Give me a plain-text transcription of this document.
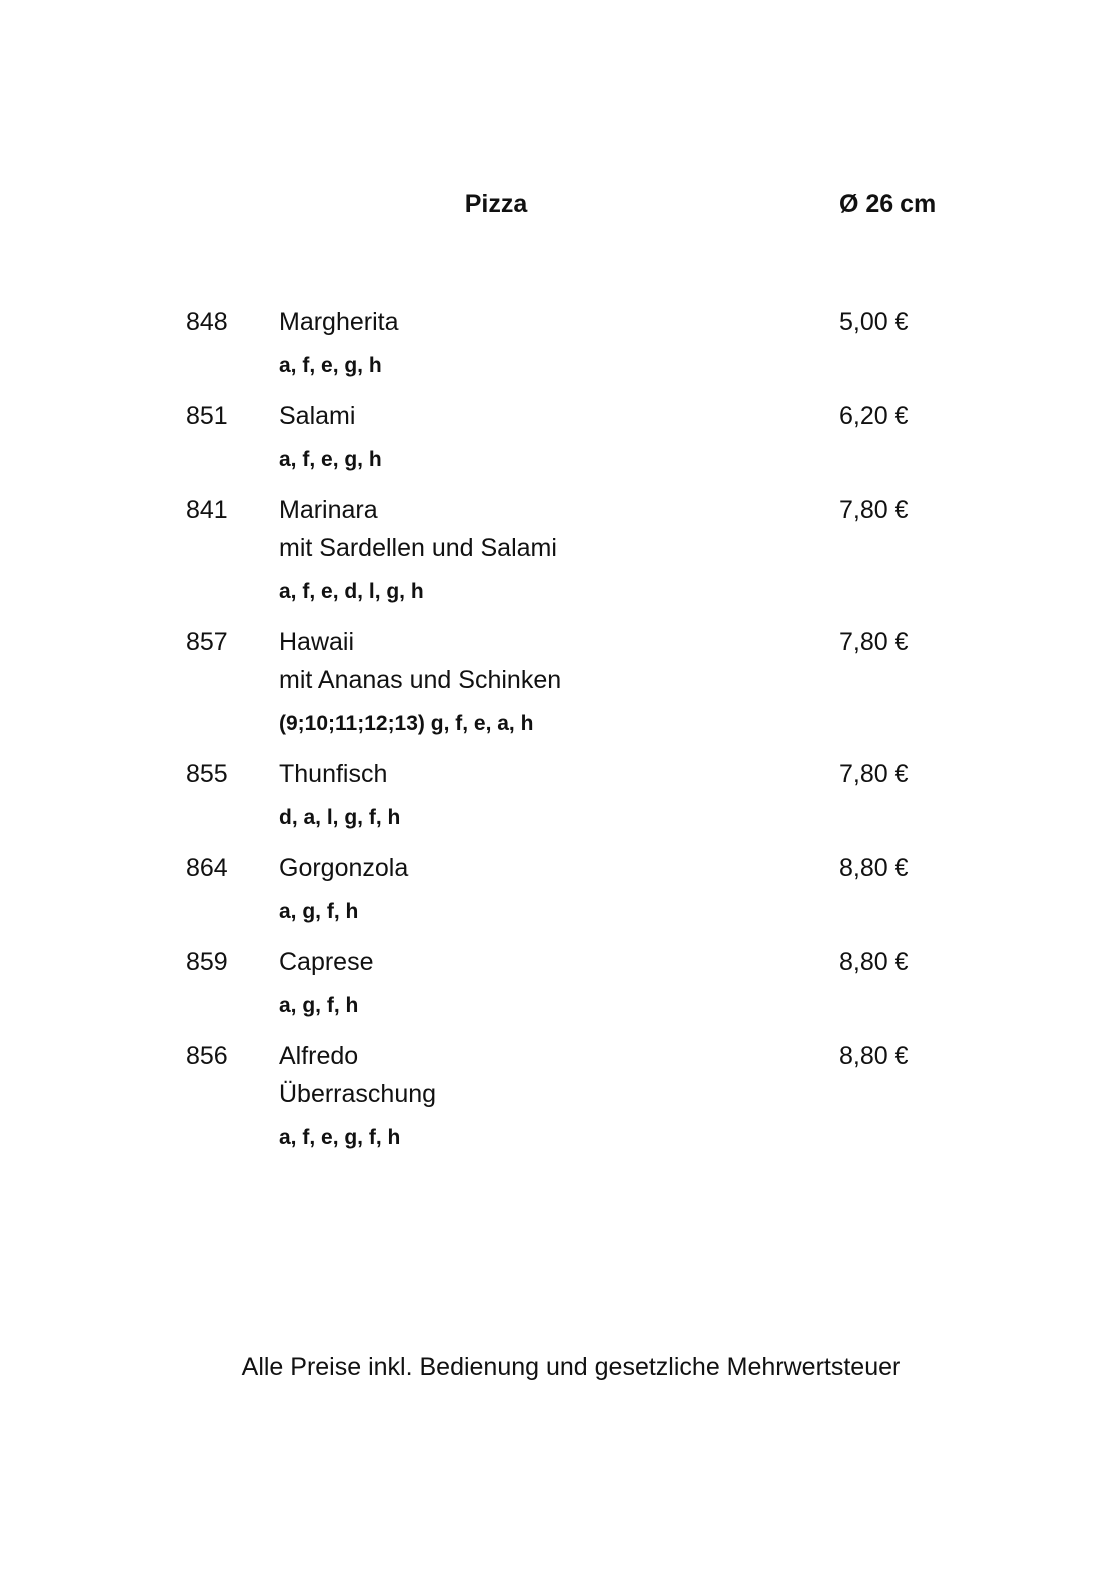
Pizza	Ø 26 cm
848 Margherita
a, f, e, g, h
5,00 €
851 Salami
a, f, e, g, h
6,20 €
841 Marinara
mit Sardellen und Salami
a, f, e, d, l, g, h
7,80 €
857 Hawaii
mit Ananas und Schinken
(9;10;11;12;13) g, f, e, a, h
7,80 €
855 Thunfisch
d, a, l, g, f, h
7,80 €
864 Gorgonzola
a, g, f, h
8,80 €
859 Caprese
a, g, f, h
8,80 €
856 Alfredo
Überraschung
a, f, e, g, f, h
8,80 €
Alle Preise inkl. Bedienung und gesetzliche Mehrwertsteuer
